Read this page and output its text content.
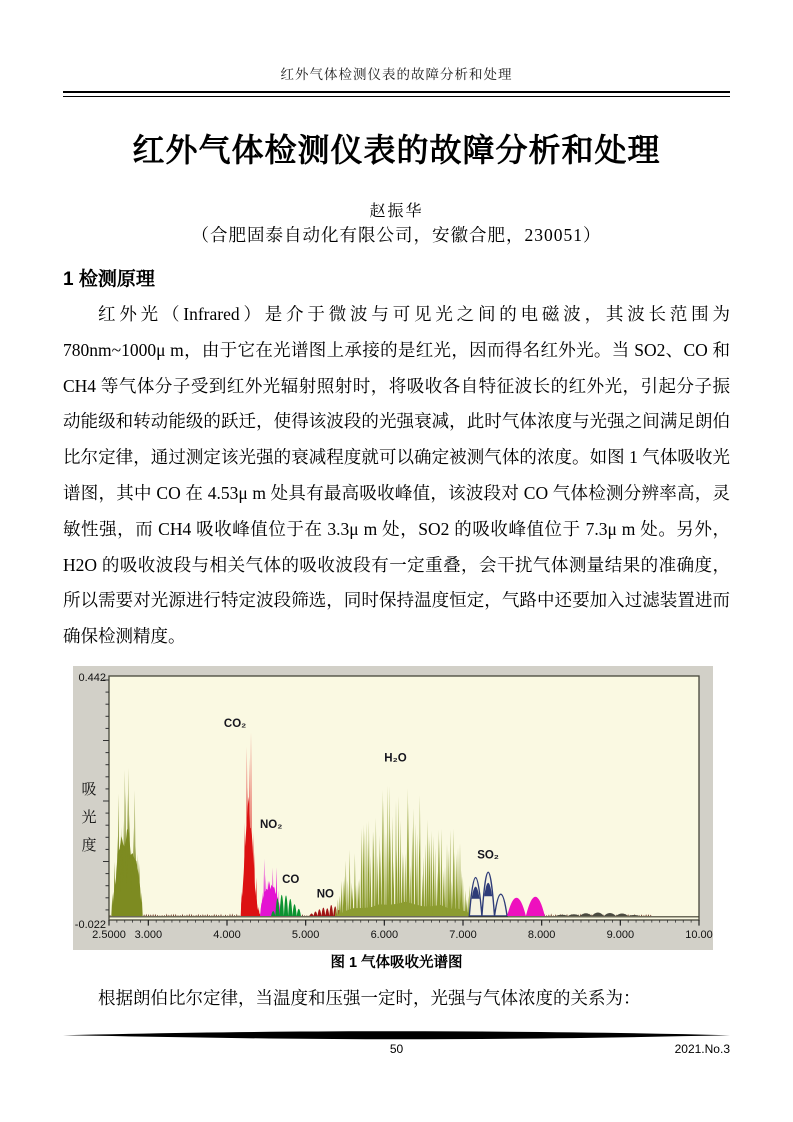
红外气体检测仪表的故障分析和处理
红外气体检测仪表的故障分析和处理
赵振华
（合肥固泰自动化有限公司，安徽合肥，230051）
1 检测原理

红外光（Infrared）是介于微波与可见光之间的电磁波，其波长范围为 780nm~1000μ m，由于它在光谱图上承接的是红光，因而得名红外光。当 SO2、CO 和 CH4 等气体分子受到红外光辐射照射时，将吸收各自特征波长的红外光，引起分子振动能级和转动能级的跃迁，使得该波段的光强衰减，此时气体浓度与光强之间满足朗伯比尔定律，通过测定该光强的衰减程度就可以确定被测气体的浓度。如图 1 气体吸收光谱图，其中 CO 在 4.53μ m 处具有最高吸收峰值，该波段对 CO 气体检测分辨率高，灵敏性强，而 CH4 吸收峰值位于在 3.3μ m 处，SO2 的吸收峰值位于 7.3μ m 处。另外，H2O 的吸收波段与相关气体的吸收波段有一定重叠，会干扰气体测量结果的准确度，所以需要对光源进行特定波段筛选，同时保持温度恒定，气路中还要加入过滤装置进而确保检测精度。

2.5000 3.000	4.000	5.000	6.000	7.000	8.000	9.000	10.00
0.442
-0.022
吸光度
CO₂
NO₂
CO
NO
H₂O
SO₂
图 1 气体吸收光谱图

根据朗伯比尔定律，当温度和压强一定时，光强与气体浓度的关系为：

50	2021.No.3
